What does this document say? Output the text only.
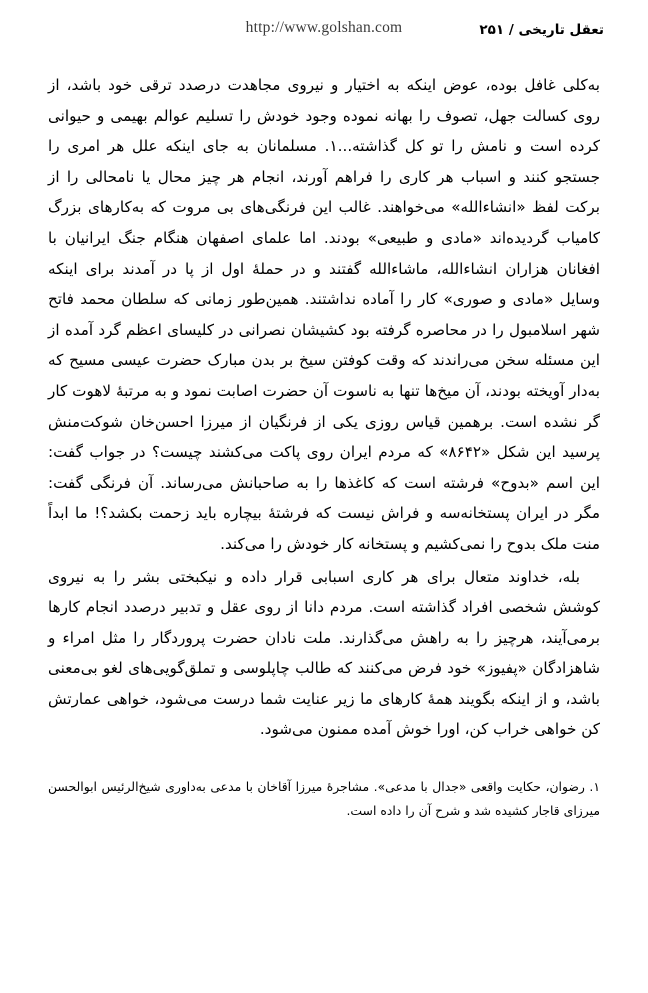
تعقل تاریخی / ۲۵۱
http://www.golshan.com

به‌کلی غافل بوده، عوض اینکه به اختیار و نیروی مجاهدت درصدد ترقی خود باشد، از روی کسالت جهل، تصوف را بهانه نموده وجود خودش را تسلیم عوالم بهیمی و حیوانی کرده است و نامش را تو کل گذاشته...۱. مسلمانان به جای اینکه علل هر امری را جستجو کنند و اسباب هر کاری را فراهم آورند، انجام هر چیز محال یا نامحالی را از برکت لفظ «انشاءالله» می‌خواهند. غالب این فرنگی‌های بی مروت که به‌کارهای بزرگ کامیاب گردیده‌اند «مادی و طبیعی» بودند. اما علمای اصفهان هنگام جنگ ایرانیان با افغانان هزاران انشاءالله، ماشاءالله گفتند و در حملهٔ اول از پا در آمدند برای اینکه وسایل «مادی و صوری» کار را آماده نداشتند. همین‌طور زمانی که سلطان محمد فاتح شهر اسلامبول را در محاصره گرفته بود کشیشان نصرانی در کلیسای اعظم گرد آمده از این مسئله سخن می‌راندند که وقت کوفتن سیخ بر بدن مبارک حضرت عیسی مسیح که به‌دار آویخته بودند، آن میخ‌ها تنها به ناسوت آن حضرت اصابت نمود و به مرتبهٔ لاهوت کار گر نشده است. برهمین قیاس روزی یکی از فرنگیان از میرزا احسن‌خان شوکت‌منش پرسید این شکل «۸۶۴۲» که مردم ایران روی پاکت می‌کشند چیست؟ در جواب گفت: این اسم «بدوح» فرشته است که کاغذها را به صاحبانش می‌رساند. آن فرنگی گفت: مگر در ایران پستخانه‌سه و فراش نیست که فرشتهٔ بیچاره باید زحمت بکشد؟! ما ابداً منت ملک بدوح را نمی‌کشیم و پستخانه کار خودش را می‌کند.

بله، خداوند متعال برای هر کاری اسبابی قرار داده و نیکبختی بشر را به نیروی کوشش شخصی افراد گذاشته است. مردم دانا از روی عقل و تدبیر درصدد انجام کارها برمی‌آیند، هرچیز را به راهش می‌گذارند. ملت نادان حضرت پروردگار را مثل امراء و شاهزادگان «پفیوز» خود فرض می‌کنند که طالب چاپلوسی و تملق‌گویی‌های لغو بی‌معنی باشد، و از اینکه بگویند همهٔ کارهای ما زیر عنایت شما درست می‌شود، خواهی عمارتش کن خواهی خراب کن، اورا خوش آمده ممنون می‌شود.

۱. رضوان، حکایت واقعی «جدال با مدعی». مشاجرهٔ میرزا آقاخان با مدعی به‌داوری شیخ‌الرئیس ابوالحسن میرزای قاجار کشیده شد و شرح آن را داده است.
